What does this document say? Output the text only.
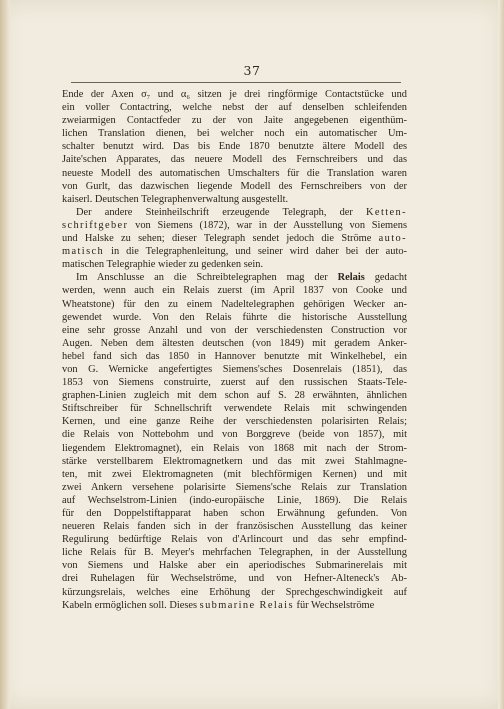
37
Ende der Axen σ₇ und α₆ sitzen je drei ringförmige Contactstücke und
ein voller Contactring, welche nebst der auf denselben schleifenden
zweiarmigen Contactfeder zu der von Jaite angegebenen eigenthüm-
lichen Translation dienen, bei welcher noch ein automatischer Um-
schalter benutzt wird. Das bis Ende 1870 benutzte ältere Modell des
Jaite'schen Apparates, das neuere Modell des Fernschreibers und das
neueste Modell des automatischen Umschalters für die Translation waren
von Gurlt, das dazwischen liegende Modell des Fernschreibers von der
kaiserl. Deutschen Telegraphenverwaltung ausgestellt.
Der andere Steinheilschrift erzeugende Telegraph, der Ketten-
schriftgeber von Siemens (1872), war in der Ausstellung von Siemens
und Halske zu sehen; dieser Telegraph sendet jedoch die Ströme auto-
matisch in die Telegraphenleitung, und seiner wird daher bei der auto-
matischen Telegraphie wieder zu gedenken sein.
Im Anschlusse an die Schreibtelegraphen mag der Relais gedacht
werden, wenn auch ein Relais zuerst (im April 1837 von Cooke und
Wheatstone) für den zu einem Nadeltelegraphen gehörigen Wecker an-
gewendet wurde. Von den Relais führte die historische Ausstellung
eine sehr grosse Anzahl und von der verschiedensten Construction vor
Augen. Neben dem ältesten deutschen (von 1849) mit geradem Anker-
hebel fand sich das 1850 in Hannover benutzte mit Winkelhebel, ein
von G. Wernicke angefertigtes Siemens'sches Dosenrelais (1851), das
1853 von Siemens construirte, zuerst auf den russischen Staats-Tele-
graphen-Linien zugleich mit dem schon auf S. 28 erwähnten, ähnlichen
Stiftschreiber für Schnellschrift verwendete Relais mit schwingenden
Kernen, und eine ganze Reihe der verschiedensten polarisirten Relais;
die Relais von Nottebohm und von Borggreve (beide von 1857), mit
liegendem Elektromagnet), ein Relais von 1868 mit nach der Strom-
stärke verstellbarem Elektromagnetkern und das mit zwei Stahlmagne-
ten, mit zwei Elektromagneten (mit blechförmigen Kernen) und mit
zwei Ankern versehene polarisirte Siemens'sche Relais zur Translation
auf Wechselstrom-Linien (indo-europäische Linie, 1869). Die Relais
für den Doppelstiftapparat haben schon Erwähnung gefunden. Von
neueren Relais fanden sich in der französischen Ausstellung das keiner
Regulirung bedürftige Relais von d'Arlincourt und das sehr empfind-
liche Relais für B. Meyer's mehrfachen Telegraphen, in der Ausstellung
von Siemens und Halske aber ein aperiodisches Submarinerelais mit
drei Ruhelagen für Wechselströme, und von Hefner-Alteneck's Ab-
kürzungsrelais, welches eine Erhöhung der Sprechgeschwindigkeit auf
Kabeln ermöglichen soll. Dieses submarine Relais für Wechselströme
